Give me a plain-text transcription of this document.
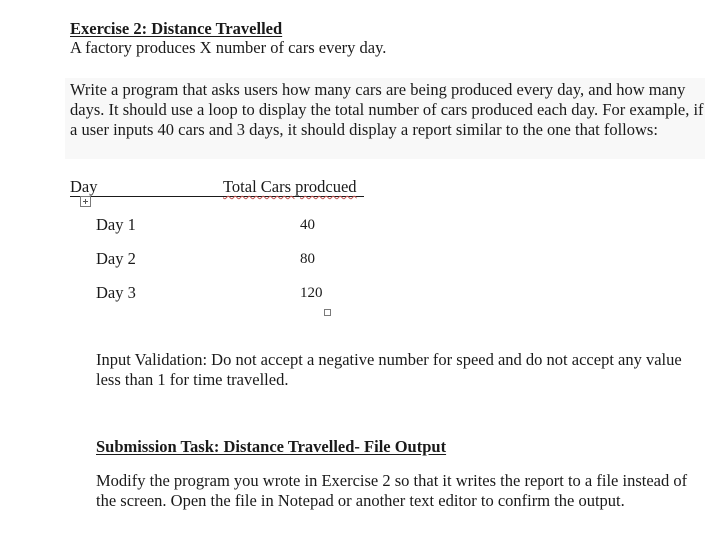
Exercise 2: Distance Travelled
A factory produces X number of cars every day.
Write a program that asks users how many cars are being produced every day, and how many days. It should use a loop to display the total number of cars produced each day. For example, if a user inputs 40 cars and 3 days, it should display a report similar to the one that follows:
Day	Total Cars prodcued
Day 1	40
Day 2	80
Day 3	120
Input Validation: Do not accept a negative number for speed and do not accept any value less than 1 for time travelled.
Submission Task: Distance Travelled- File Output
Modify the program you wrote in Exercise 2 so that it writes the report to a file instead of the screen. Open the file in Notepad or another text editor to confirm the output.
